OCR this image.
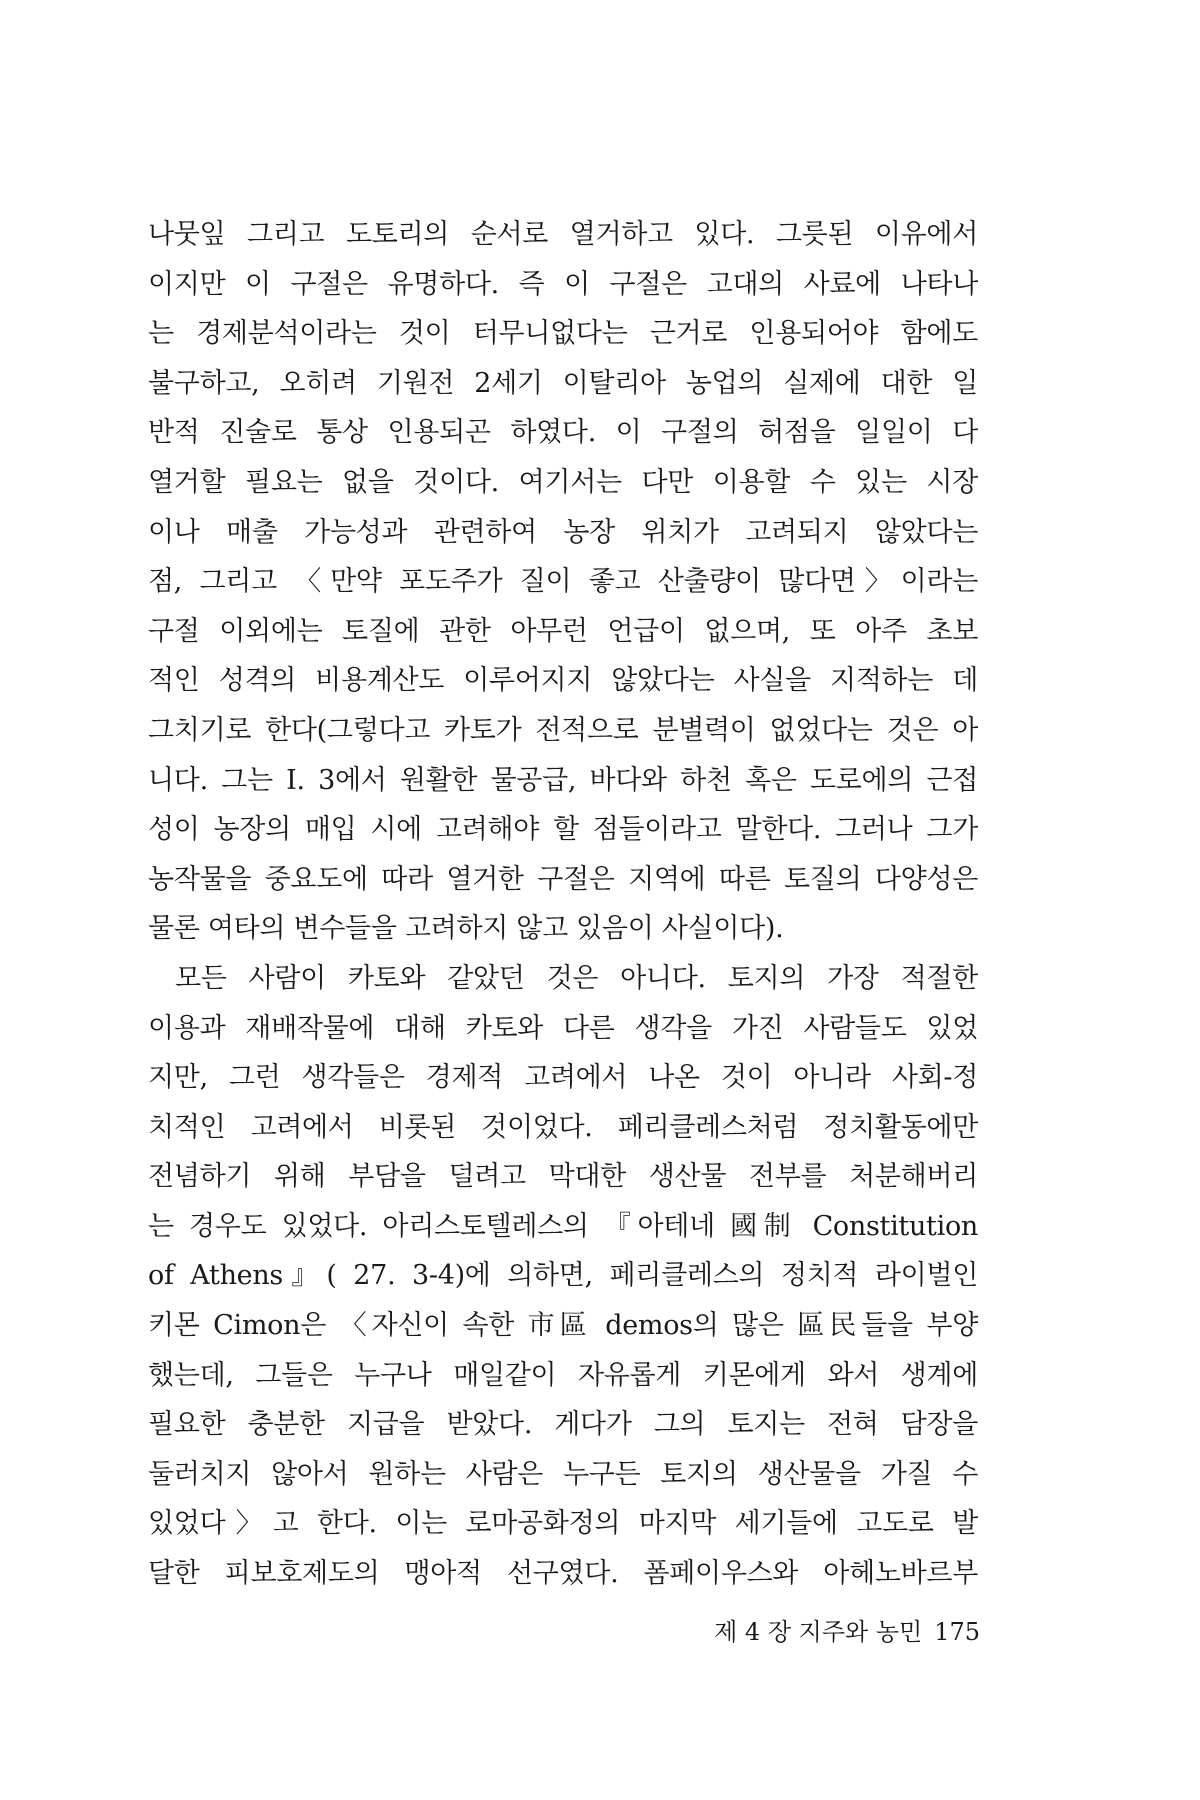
나뭇잎 그리고 도토리의 순서로 열거하고 있다. 그릇된 이유에서
이지만 이 구절은 유명하다. 즉 이 구절은 고대의 사료에 나타나
는 경제분석이라는 것이 터무니없다는 근거로 인용되어야 함에도
불구하고, 오히려 기원전 2세기 이탈리아 농업의 실제에 대한 일
반적 진술로 통상 인용되곤 하였다. 이 구절의 허점을 일일이 다
열거할 필요는 없을 것이다. 여기서는 다만 이용할 수 있는 시장
이나 매출 가능성과 관련하여 농장 위치가 고려되지 않았다는
점, 그리고 〈만약 포도주가 질이 좋고 산출량이 많다면〉이라는
구절 이외에는 토질에 관한 아무런 언급이 없으며, 또 아주 초보
적인 성격의 비용계산도 이루어지지 않았다는 사실을 지적하는 데
그치기로 한다(그렇다고 카토가 전적으로 분별력이 없었다는 것은 아
니다. 그는 I. 3에서 원활한 물공급, 바다와 하천 혹은 도로에의 근접
성이 농장의 매입 시에 고려해야 할 점들이라고 말한다. 그러나 그가
농작물을 중요도에 따라 열거한 구절은 지역에 따른 토질의 다양성은
물론 여타의 변수들을 고려하지 않고 있음이 사실이다).
모든 사람이 카토와 같았던 것은 아니다. 토지의 가장 적절한
이용과 재배작물에 대해 카토와 다른 생각을 가진 사람들도 있었
지만, 그런 생각들은 경제적 고려에서 나온 것이 아니라 사회-정
치적인 고려에서 비롯된 것이었다. 페리클레스처럼 정치활동에만
전념하기 위해 부담을 덜려고 막대한 생산물 전부를 처분해버리
는 경우도 있었다. 아리스토텔레스의 『아테네 國制 Constitution
of Athens』( 27. 3-4)에 의하면, 페리클레스의 정치적 라이벌인
키몬 Cimon은 〈자신이 속한 市區 demos의 많은 區民들을 부양
했는데, 그들은 누구나 매일같이 자유롭게 키몬에게 와서 생계에
필요한 충분한 지급을 받았다. 게다가 그의 토지는 전혀 담장을
둘러치지 않아서 원하는 사람은 누구든 토지의 생산물을 가질 수
있었다〉고 한다. 이는 로마공화정의 마지막 세기들에 고도로 발
달한 피보호제도의 맹아적 선구였다. 폼페이우스와 아헤노바르부
제 4 장 지주와 농민 175
